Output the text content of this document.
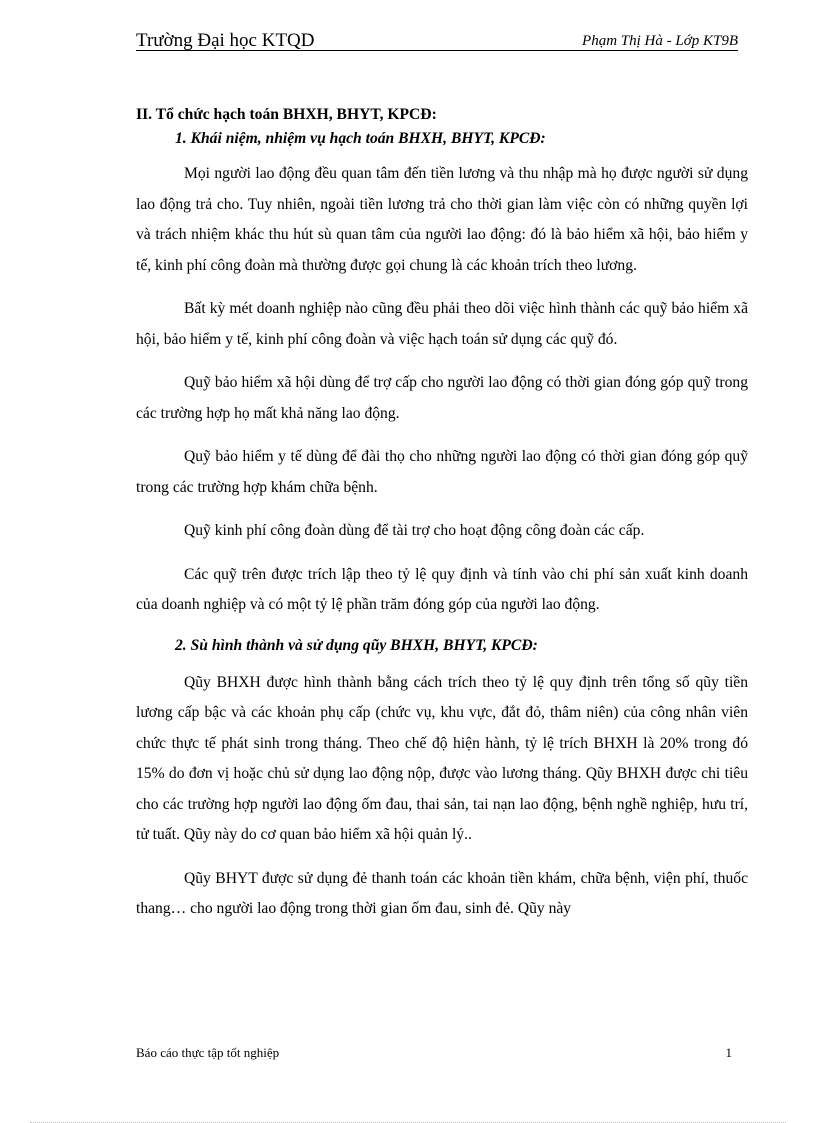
Trường Đại học KTQD	Phạm Thị Hà - Lớp KT9B

II. Tổ chức hạch toán BHXH, BHYT, KPCĐ:

1. Khái niệm, nhiệm vụ hạch toán BHXH, BHYT, KPCĐ:

Mọi người lao động đều quan tâm đến tiền lương và thu nhập mà họ được người sử dụng lao động trả cho. Tuy nhiên, ngoài tiền lương trả cho thời gian làm việc còn có những quyền lợi và trách nhiệm khác thu hút sù quan tâm của người lao động: đó là bảo hiểm xã hội, bảo hiểm y tế, kinh phí công đoàn mà thường được gọi chung là các khoản trích theo lương.

Bất kỳ mét doanh nghiệp nào cũng đều phải theo dõi việc hình thành các quỹ bảo hiểm xã hội, bảo hiểm y tế, kinh phí công đoàn và việc hạch toán sử dụng các quỹ đó.

Quỹ bảo hiểm xã hội dùng để trợ cấp cho người lao động có thời gian đóng góp quỹ trong các trường hợp họ mất khả năng lao động.

Quỹ bảo hiểm y tế dùng để đài thọ cho những người lao động có thời gian đóng góp quỹ trong các trường hợp khám chữa bệnh.

Quỹ kinh phí công đoàn dùng để tài trợ cho hoạt động công đoàn các cấp.

Các quỹ trên được trích lập theo tỷ lệ quy định và tính vào chi phí sản xuất kinh doanh của doanh nghiệp và có một tỷ lệ phần trăm đóng góp của người lao động.

2. Sù hình thành và sử dụng qũy BHXH, BHYT, KPCĐ:

Qũy BHXH được hình thành bằng cách trích theo tỷ lệ quy định trên tổng số qũy tiền lương cấp bậc và các khoản phụ cấp (chức vụ, khu vực, đắt đỏ, thâm niên) của công nhân viên chức thực tế phát sinh trong tháng. Theo chế độ hiện hành, tỷ lệ trích BHXH là 20% trong đó 15% do đơn vị hoặc chủ sử dụng lao động nộp, được vào lương tháng. Qũy BHXH được chi tiêu cho các trường hợp người lao động ốm đau, thai sản, tai nạn lao động, bệnh nghề nghiệp, hưu trí, tử tuất. Qũy này do cơ quan bảo hiểm xã hội quản lý..

Qũy BHYT được sử dụng đẻ thanh toán các khoản tiền khám, chữa bệnh, viện phí, thuốc thang… cho người lao động trong thời gian ốm đau, sinh đẻ. Qũy này

Báo cáo thực tập tốt nghiệp	1
